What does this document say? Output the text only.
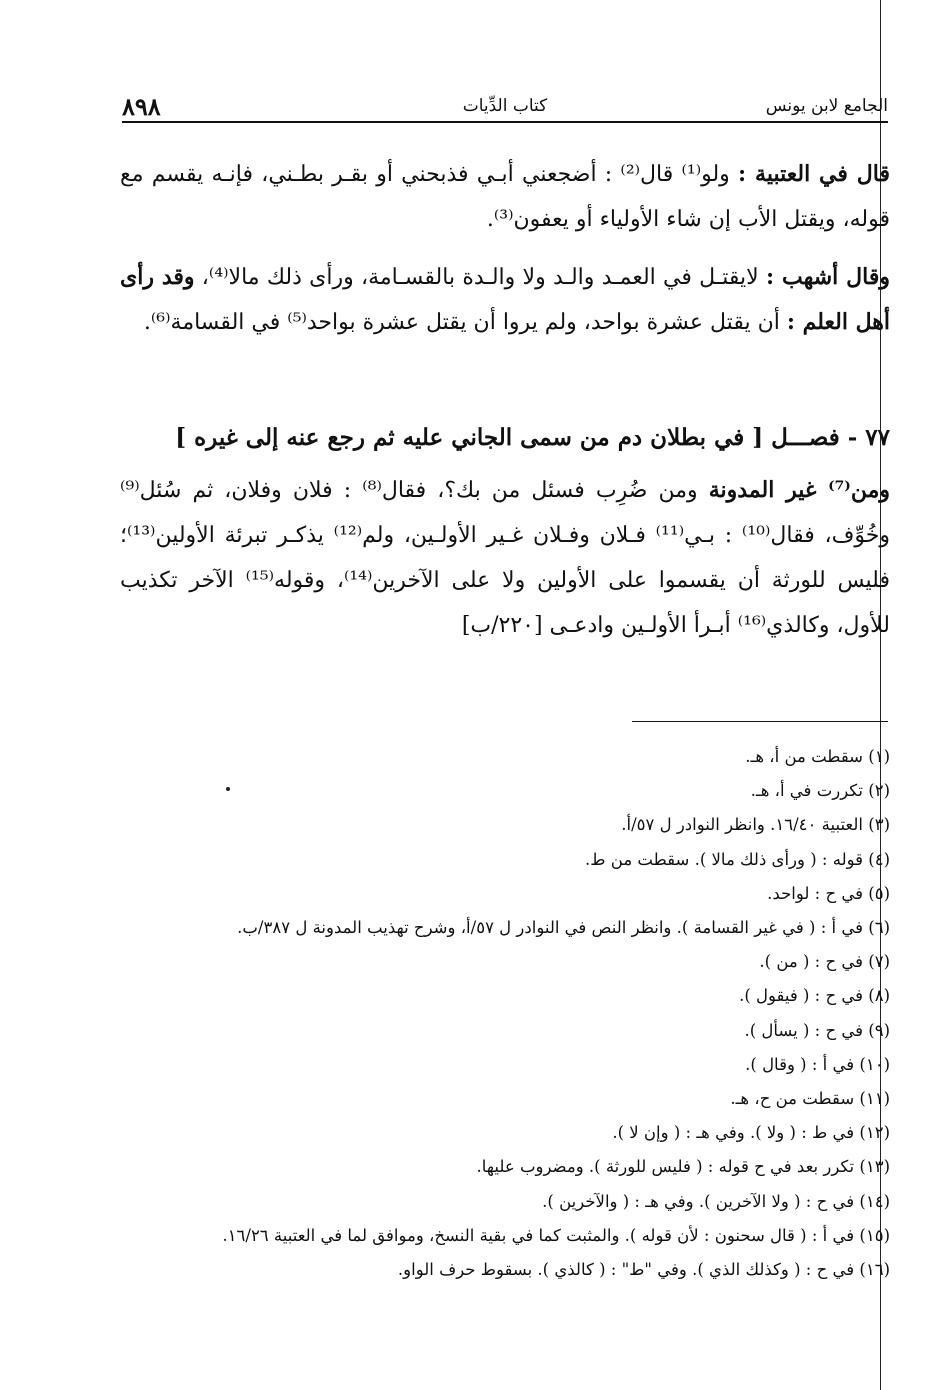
الجامع لابن يونس
كتاب الدِّيات
٨٩٨

قال في العتبية : ولو⁽¹⁾ قال⁽²⁾ : أضجعني أبـي فذبحني أو بقـر بطـني، فإنـه يقسم مع قوله، ويقتل الأب إن شاء الأولياء أو يعفون⁽³⁾.

وقال أشهب : لايقتـل في العمـد والـد ولا والـدة بالقسـامة، ورأى ذلك مالا⁽⁴⁾، وقد رأى أهل العلم : أن يقتل عشرة بواحد، ولم يروا أن يقتل عشرة بواحد⁽⁵⁾ في القسامة⁽⁶⁾.

٧٧ - فصـــل [ في بطلان دم من سمى الجاني عليه ثم رجع عنه إلى غيره ]

ومن⁽⁷⁾ غير المدونة ومن ضُرِب فسئل من بك؟، فقال⁽⁸⁾ : فلان وفلان، ثم سُئل⁽⁹⁾ وخُوِّف، فقال⁽¹⁰⁾ : بـي⁽¹¹⁾ فـلان وفـلان غـير الأولـين، ولم⁽¹²⁾ يذكـر تبرئة الأولين⁽¹³⁾؛ فليس للورثة أن يقسموا على الأولين ولا على الآخرين⁽¹⁴⁾، وقوله⁽¹⁵⁾ الآخر تكذيب للأول، وكالذي⁽¹⁶⁾ أبـرأ الأولـين وادعـى [٢٢٠/ب]

(١) سقطت من أ، هـ.
(٢) تكررت في أ، هـ.
(٣) العتبية ١٦/٤٠. وانظر النوادر ل ٥٧/أ.
(٤) قوله : ( ورأى ذلك مالا ). سقطت من ط.
(٥) في ح : لواحد.
(٦) في أ : ( في غير القسامة ). وانظر النص في النوادر ل ٥٧/أ، وشرح تهذيب المدونة ل ٣٨٧/ب.
(٧) في ح : ( من ).
(٨) في ح : ( فيقول ).
(٩) في ح : ( يسأل ).
(١٠) في أ : ( وقال ).
(١١) سقطت من ح، هـ.
(١٢) في ط : ( ولا ). وفي هـ : ( وإن لا ).
(١٣) تكرر بعد في ح قوله : ( فليس للورثة ). ومضروب عليها.
(١٤) في ح : ( ولا الآخرين ). وفي هـ : ( والآخرين ).
(١٥) في أ : ( قال سحنون : لأن قوله ). والمثبت كما في بقية النسخ، وموافق لما في العتبية ١٦/٢٦.
(١٦) في ح : ( وكذلك الذي ). وفي "ط" : ( كالذي ). بسقوط حرف الواو.
